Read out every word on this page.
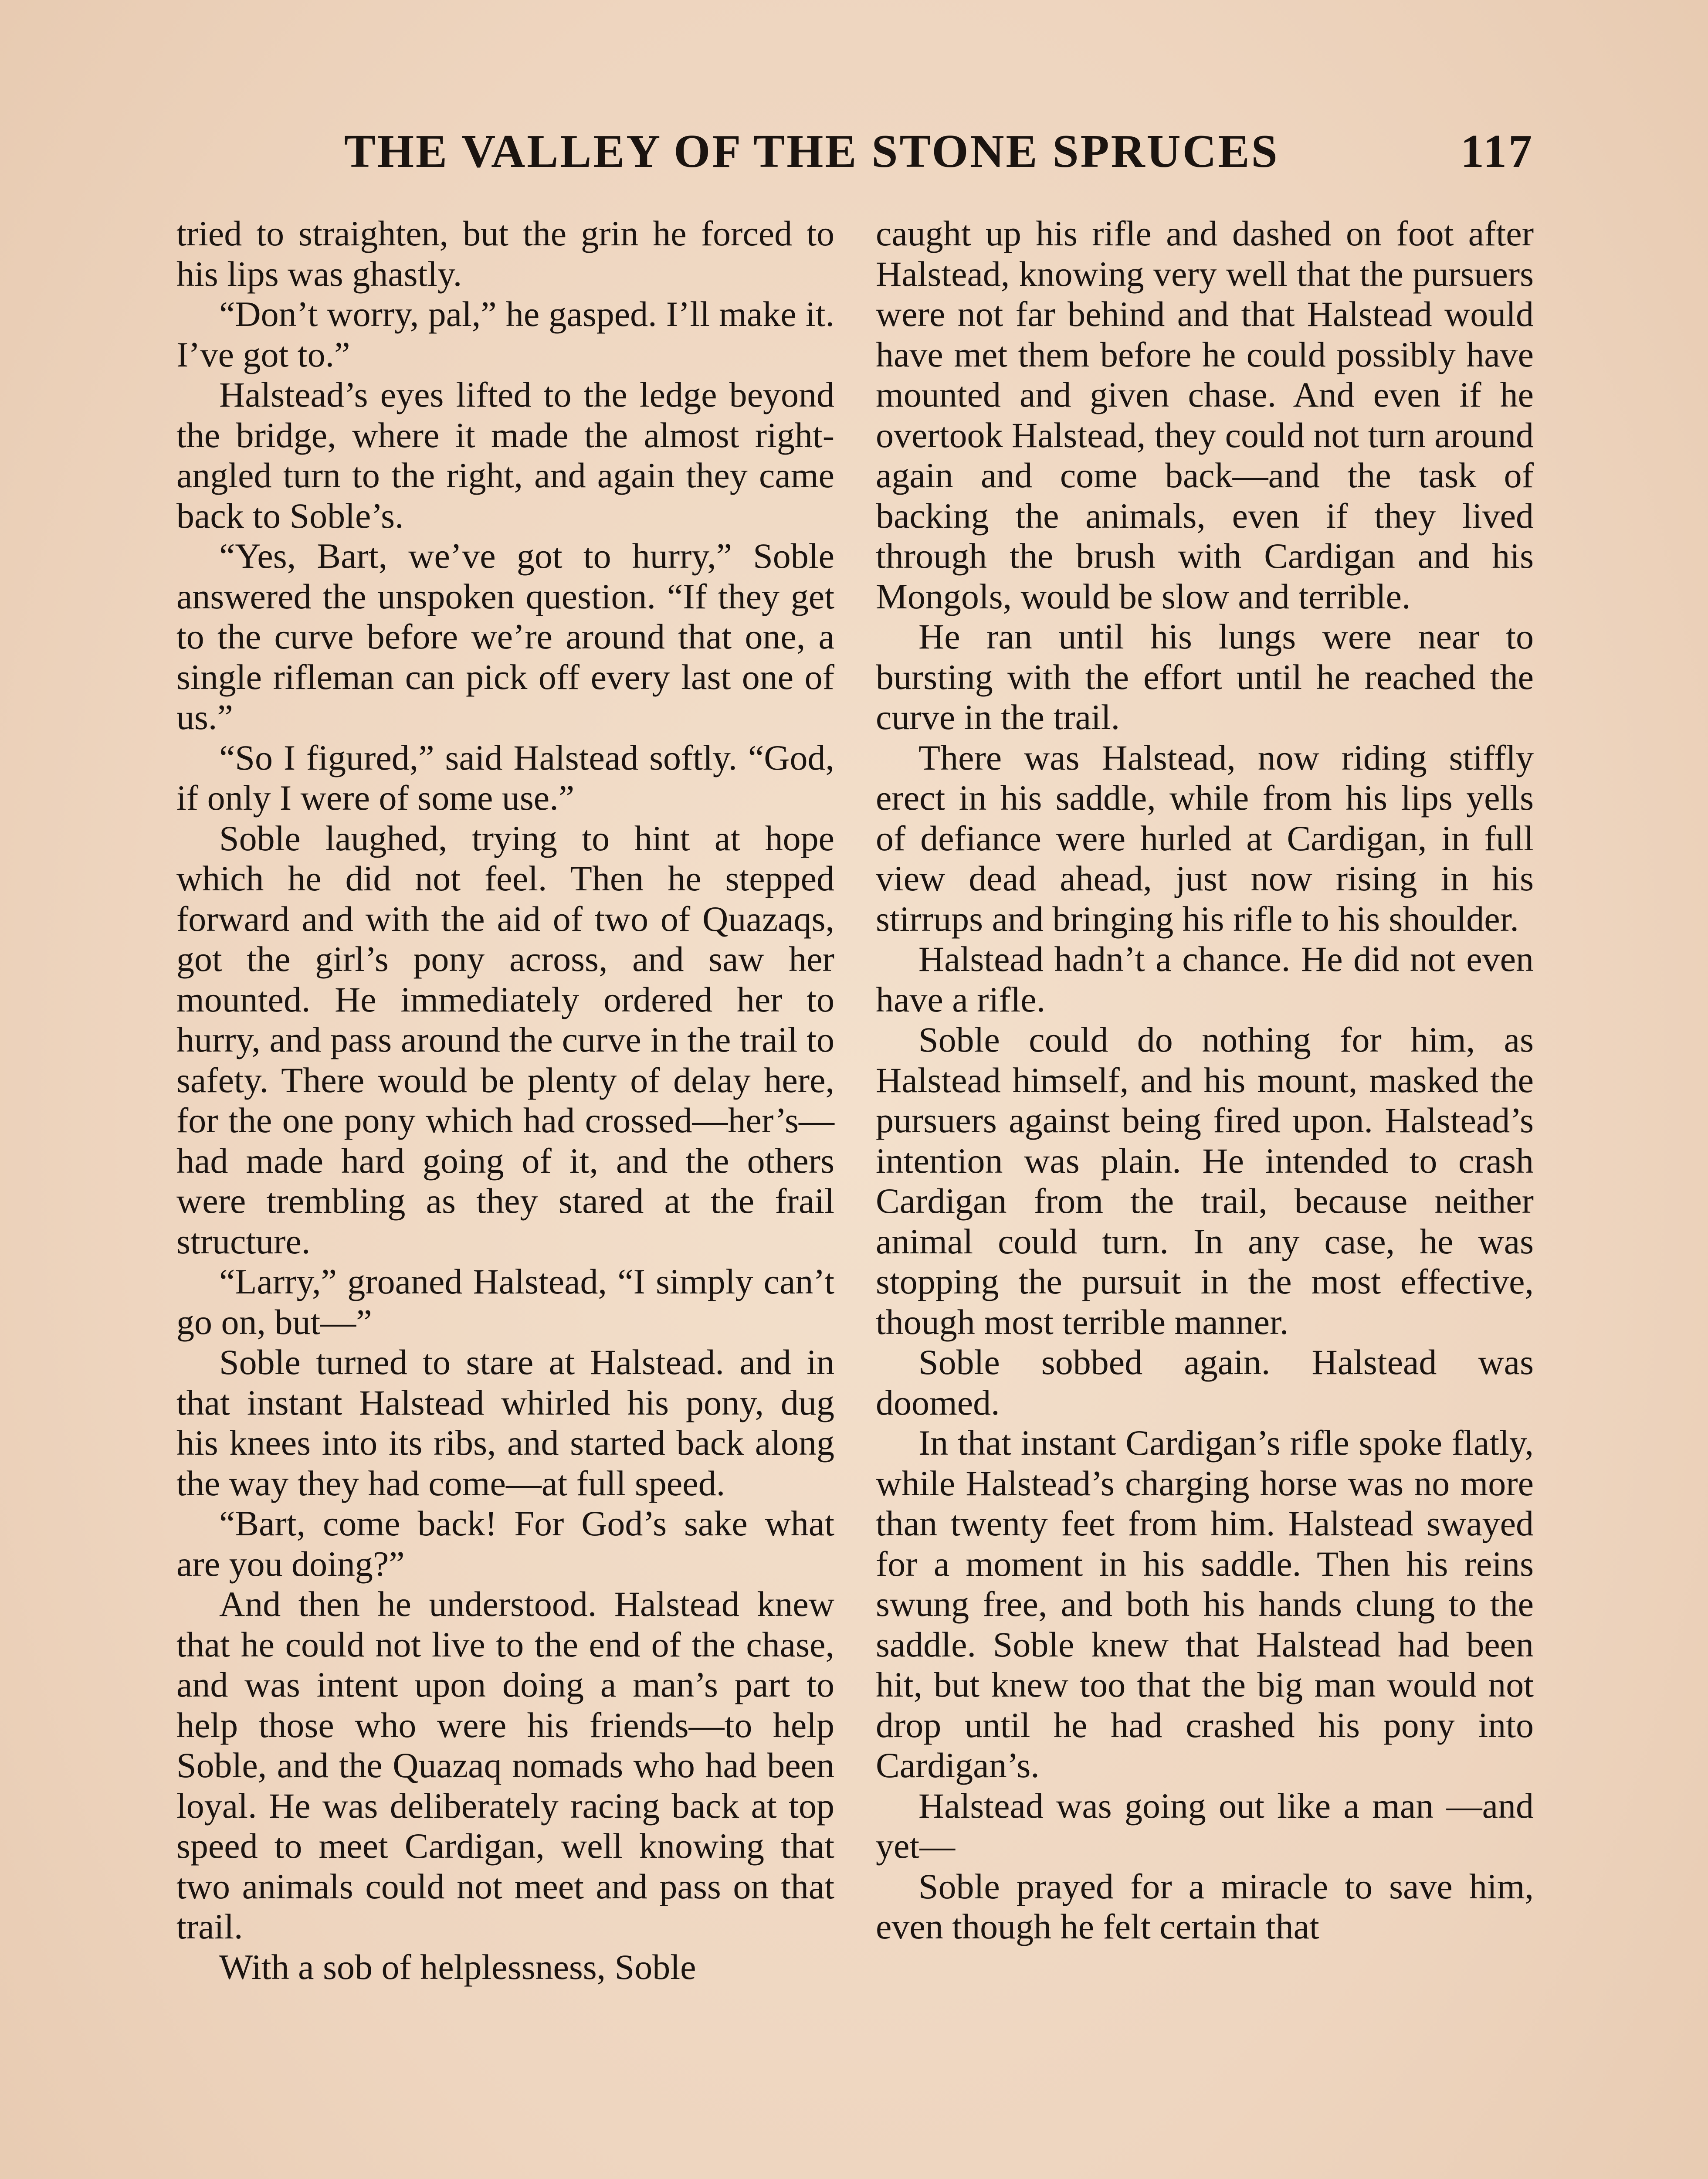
THE VALLEY OF THE STONE SPRUCES	117

tried to straighten, but the grin he forced to his lips was ghastly.

“Don’t worry, pal,” he gasped. I’ll make it. I’ve got to.”

Halstead’s eyes lifted to the ledge beyond the bridge, where it made the almost right-angled turn to the right, and again they came back to Soble’s.

“Yes, Bart, we’ve got to hurry,” Soble answered the unspoken question. “If they get to the curve before we’re around that one, a single rifleman can pick off every last one of us.”

“So I figured,” said Halstead softly. “God, if only I were of some use.”

Soble laughed, trying to hint at hope which he did not feel. Then he stepped forward and with the aid of two of Quazaqs, got the girl’s pony across, and saw her mounted. He immediately ordered her to hurry, and pass around the curve in the trail to safety. There would be plenty of delay here, for the one pony which had crossed—her’s—had made hard going of it, and the others were trembling as they stared at the frail structure.

“Larry,” groaned Halstead, “I simply can’t go on, but—”

Soble turned to stare at Halstead. and in that instant Halstead whirled his pony, dug his knees into its ribs, and started back along the way they had come—at full speed.

“Bart, come back! For God’s sake what are you doing?”

And then he understood. Halstead knew that he could not live to the end of the chase, and was intent upon doing a man’s part to help those who were his friends—to help Soble, and the Quazaq nomads who had been loyal. He was deliberately racing back at top speed to meet Cardigan, well knowing that two animals could not meet and pass on that trail.

With a sob of helplessness, Soble

caught up his rifle and dashed on foot after Halstead, knowing very well that the pursuers were not far behind and that Halstead would have met them before he could possibly have mounted and given chase. And even if he overtook Halstead, they could not turn around again and come back—and the task of backing the animals, even if they lived through the brush with Cardigan and his Mongols, would be slow and terrible.

He ran until his lungs were near to bursting with the effort until he reached the curve in the trail.

There was Halstead, now riding stiffly erect in his saddle, while from his lips yells of defiance were hurled at Cardigan, in full view dead ahead, just now rising in his stirrups and bringing his rifle to his shoulder.

Halstead hadn’t a chance. He did not even have a rifle.

Soble could do nothing for him, as Halstead himself, and his mount, masked the pursuers against being fired upon. Halstead’s intention was plain. He intended to crash Cardigan from the trail, because neither animal could turn. In any case, he was stopping the pursuit in the most effective, though most terrible manner.

Soble sobbed again. Halstead was doomed.

In that instant Cardigan’s rifle spoke flatly, while Halstead’s charging horse was no more than twenty feet from him. Halstead swayed for a moment in his saddle. Then his reins swung free, and both his hands clung to the saddle. Soble knew that Halstead had been hit, but knew too that the big man would not drop until he had crashed his pony into Cardigan’s.

Halstead was going out like a man —and yet—

Soble prayed for a miracle to save him, even though he felt certain that
